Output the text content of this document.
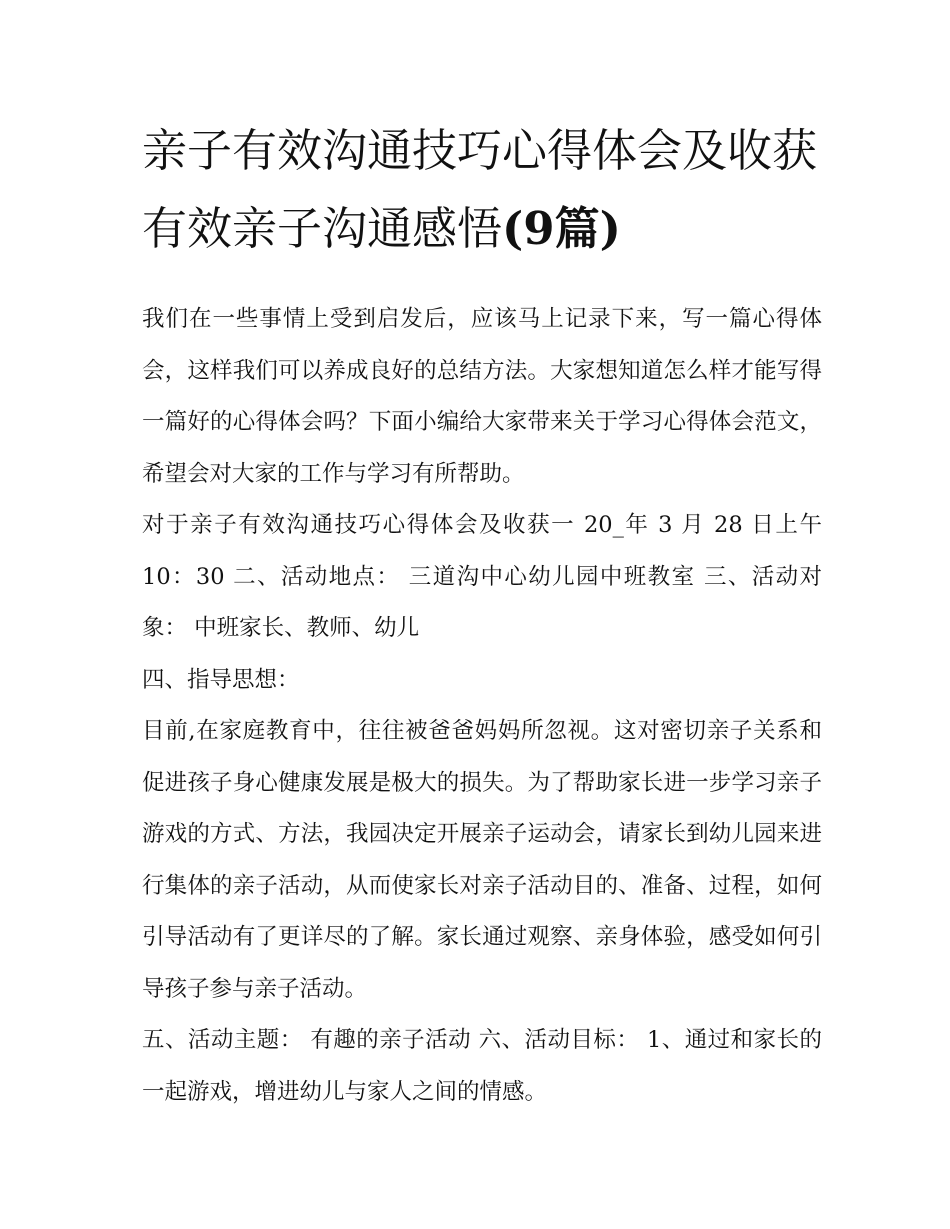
亲子有效沟通技巧心得体会及收获 有效亲子沟通感悟(9篇)

我们在一些事情上受到启发后，应该马上记录下来，写一篇心得体会，这样我们可以养成良好的总结方法。大家想知道怎么样才能写得一篇好的心得体会吗？下面小编给大家带来关于学习心得体会范文，希望会对大家的工作与学习有所帮助。

对于亲子有效沟通技巧心得体会及收获一 20_年 3 月 28 日上午 10：30 二、活动地点： 三道沟中心幼儿园中班教室 三、活动对象： 中班家长、教师、幼儿

四、指导思想：

目前,在家庭教育中，往往被爸爸妈妈所忽视。这对密切亲子关系和促进孩子身心健康发展是极大的损失。为了帮助家长进一步学习亲子游戏的方式、方法，我园决定开展亲子运动会，请家长到幼儿园来进行集体的亲子活动，从而使家长对亲子活动目的、准备、过程，如何引导活动有了更详尽的了解。家长通过观察、亲身体验，感受如何引导孩子参与亲子活动。

五、活动主题： 有趣的亲子活动 六、活动目标： 1、通过和家长的一起游戏，增进幼儿与家人之间的情感。
